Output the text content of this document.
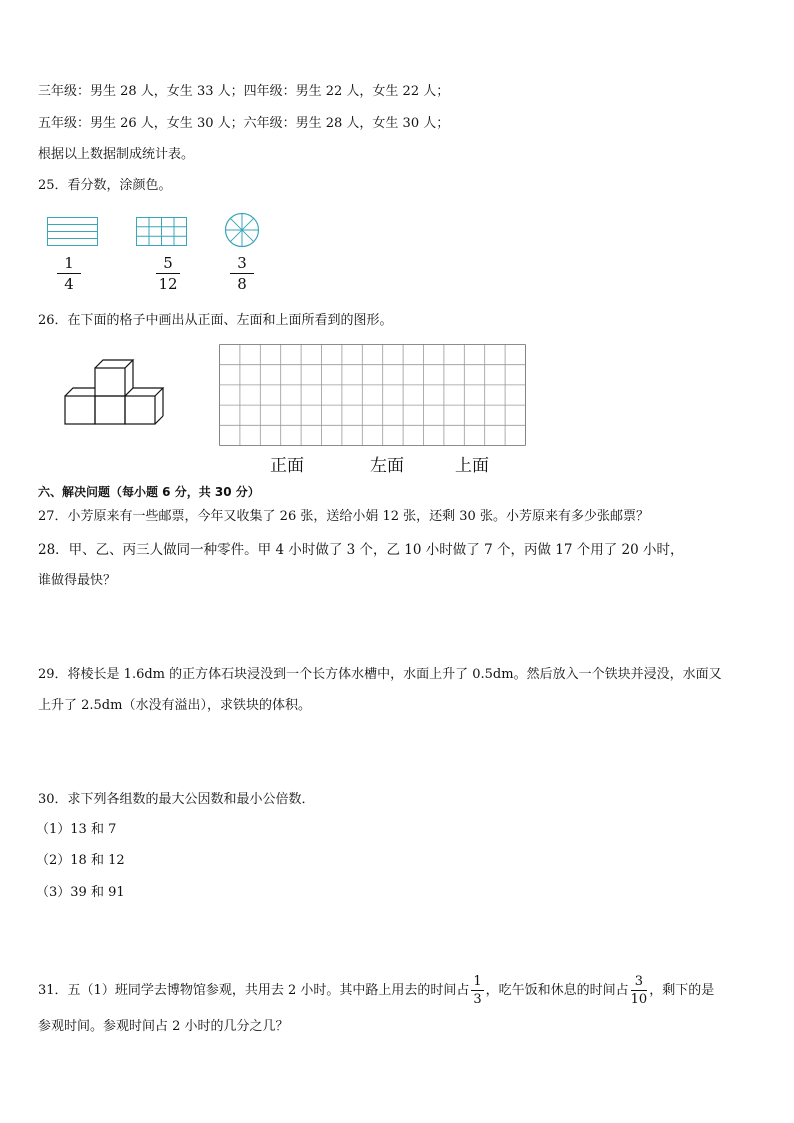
三年级：男生 28 人，女生 33 人；四年级：男生 22 人，女生 22 人；
五年级：男生 26 人，女生 30 人；六年级：男生 28 人，女生 30 人；
根据以上数据制成统计表。
25．看分数，涂颜色。
1
4
5
12
3
8
26．在下面的格子中画出从正面、左面和上面所看到的图形。
正面	左面	上面
六、解决问题（每小题 6 分，共 30 分）
27．小芳原来有一些邮票，今年又收集了 26 张，送给小娟 12 张，还剩 30 张。小芳原来有多少张邮票？
28．甲、乙、丙三人做同一种零件。甲 4 小时做了 3 个，乙 10 小时做了 7 个，丙做 17 个用了 20 小时，
谁做得最快？
29．将棱长是 1.6dm 的正方体石块浸没到一个长方体水槽中，水面上升了 0.5dm。然后放入一个铁块并浸没，水面又
上升了 2.5dm（水没有溢出），求铁块的体积。
30．求下列各组数的最大公因数和最小公倍数．
（1）13 和 7
（2）18 和 12
（3）39 和 91
31．五（1）班同学去博物馆参观，共用去 2 小时。其中路上用去的时间占 $\frac{1}{3}$ ，吃午饭和休息的时间占 $\frac{3}{10}$ ，剩下的是
参观时间。参观时间占 2 小时的几分之几？
